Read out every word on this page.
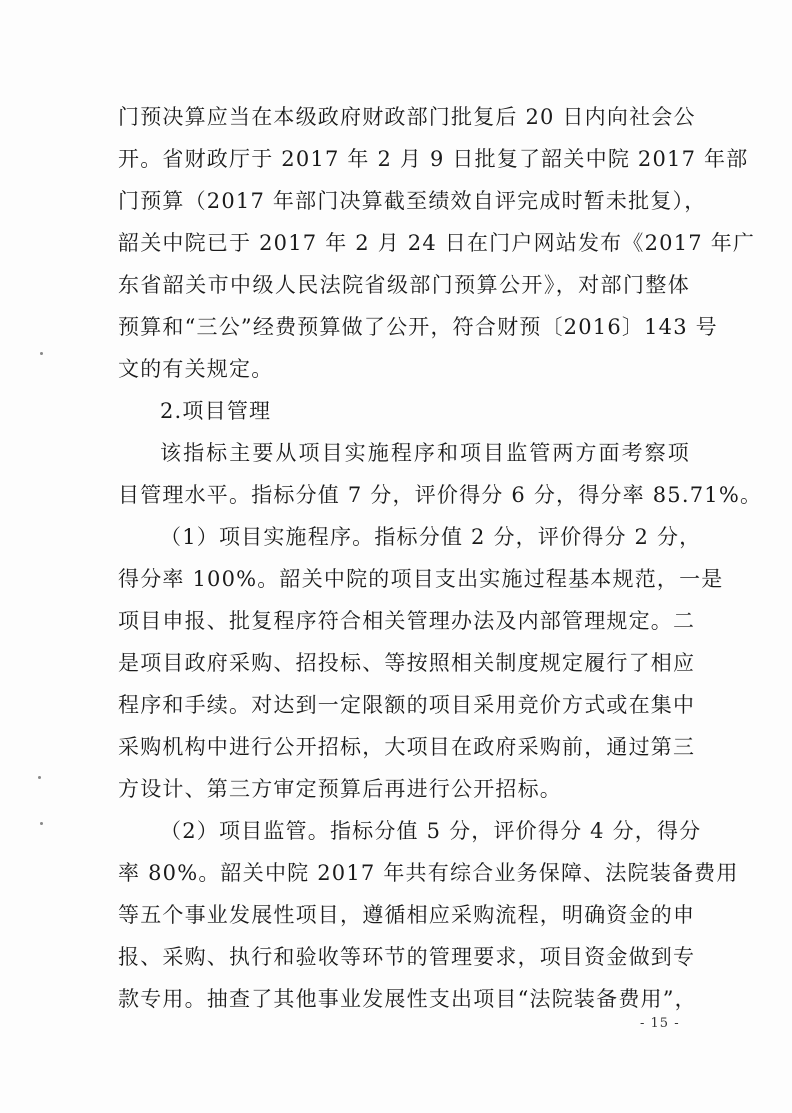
门预决算应当在本级政府财政部门批复后 20 日内向社会公
开。省财政厅于 2017 年 2 月 9 日批复了韶关中院 2017 年部
门预算（2017 年部门决算截至绩效自评完成时暂未批复），
韶关中院已于 2017 年 2 月 24 日在门户网站发布《2017 年广
东省韶关市中级人民法院省级部门预算公开》，对部门整体
预算和“三公”经费预算做了公开，符合财预〔2016〕143 号
文的有关规定。
2.项目管理
该指标主要从项目实施程序和项目监管两方面考察项
目管理水平。指标分值 7 分，评价得分 6 分，得分率 85.71%。
（1）项目实施程序。指标分值 2 分，评价得分 2 分，
得分率 100%。韶关中院的项目支出实施过程基本规范，一是
项目申报、批复程序符合相关管理办法及内部管理规定。二
是项目政府采购、招投标、等按照相关制度规定履行了相应
程序和手续。对达到一定限额的项目采用竞价方式或在集中
采购机构中进行公开招标，大项目在政府采购前，通过第三
方设计、第三方审定预算后再进行公开招标。
（2）项目监管。指标分值 5 分，评价得分 4 分，得分
率 80%。韶关中院 2017 年共有综合业务保障、法院装备费用
等五个事业发展性项目，遵循相应采购流程，明确资金的申
报、采购、执行和验收等环节的管理要求，项目资金做到专
款专用。抽查了其他事业发展性支出项目“法院装备费用”，
- 15 -
